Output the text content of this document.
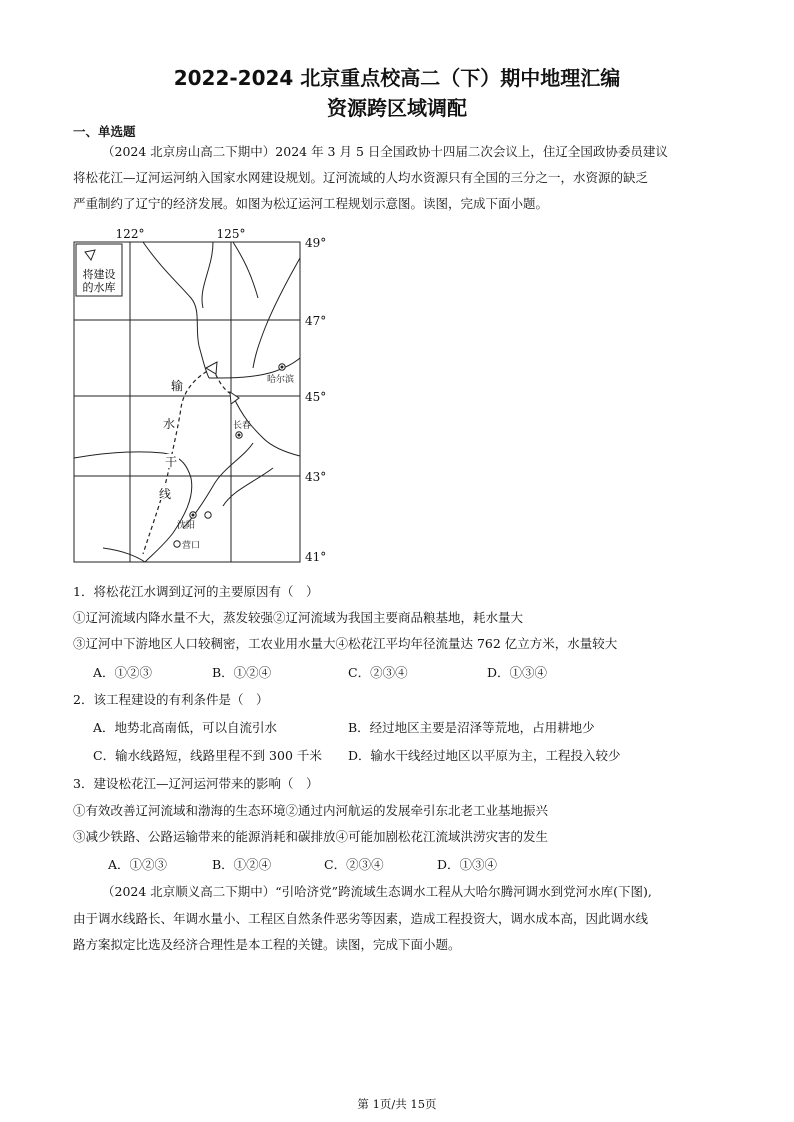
2022-2024 北京重点校高二（下）期中地理汇编
资源跨区域调配
一、单选题
（2024 北京房山高二下期中）2024 年 3 月 5 日全国政协十四届二次会议上，住辽全国政协委员建议
将松花江—辽河运河纳入国家水网建设规划。辽河流域的人均水资源只有全国的三分之一，水资源的缺乏
严重制约了辽宁的经济发展。如图为松辽运河工程规划示意图。读图，完成下面小题。
将建设
的水库
122°	125°
49°
47°
45°
43°
41°
输
水
干
线
哈尔滨
长春
沈阳
营口
1．将松花江水调到辽河的主要原因有（　）
①辽河流域内降水量不大，蒸发较强②辽河流域为我国主要商品粮基地，耗水量大
③辽河中下游地区人口较稠密，工农业用水量大④松花江平均年径流量达 762 亿立方米，水量较大
A．①②③	B．①②④	C．②③④	D．①③④
2．该工程建设的有利条件是（　）
A．地势北高南低，可以自流引水	B．经过地区主要是沼泽等荒地，占用耕地少
C．输水线路短，线路里程不到 300 千米 D．输水干线经过地区以平原为主，工程投入较少
3．建设松花江—辽河运河带来的影响（　）
①有效改善辽河流域和渤海的生态环境②通过内河航运的发展牵引东北老工业基地振兴
③减少铁路、公路运输带来的能源消耗和碳排放④可能加剧松花江流域洪涝灾害的发生
A．①②③	B．①②④	C．②③④	D．①③④
（2024 北京顺义高二下期中）“引哈济党”跨流域生态调水工程从大哈尔腾河调水到党河水库(下图),
由于调水线路长、年调水量小、工程区自然条件恶劣等因素，造成工程投资大，调水成本高，因此调水线
路方案拟定比选及经济合理性是本工程的关键。读图，完成下面小题。
第 1页/共 15页
